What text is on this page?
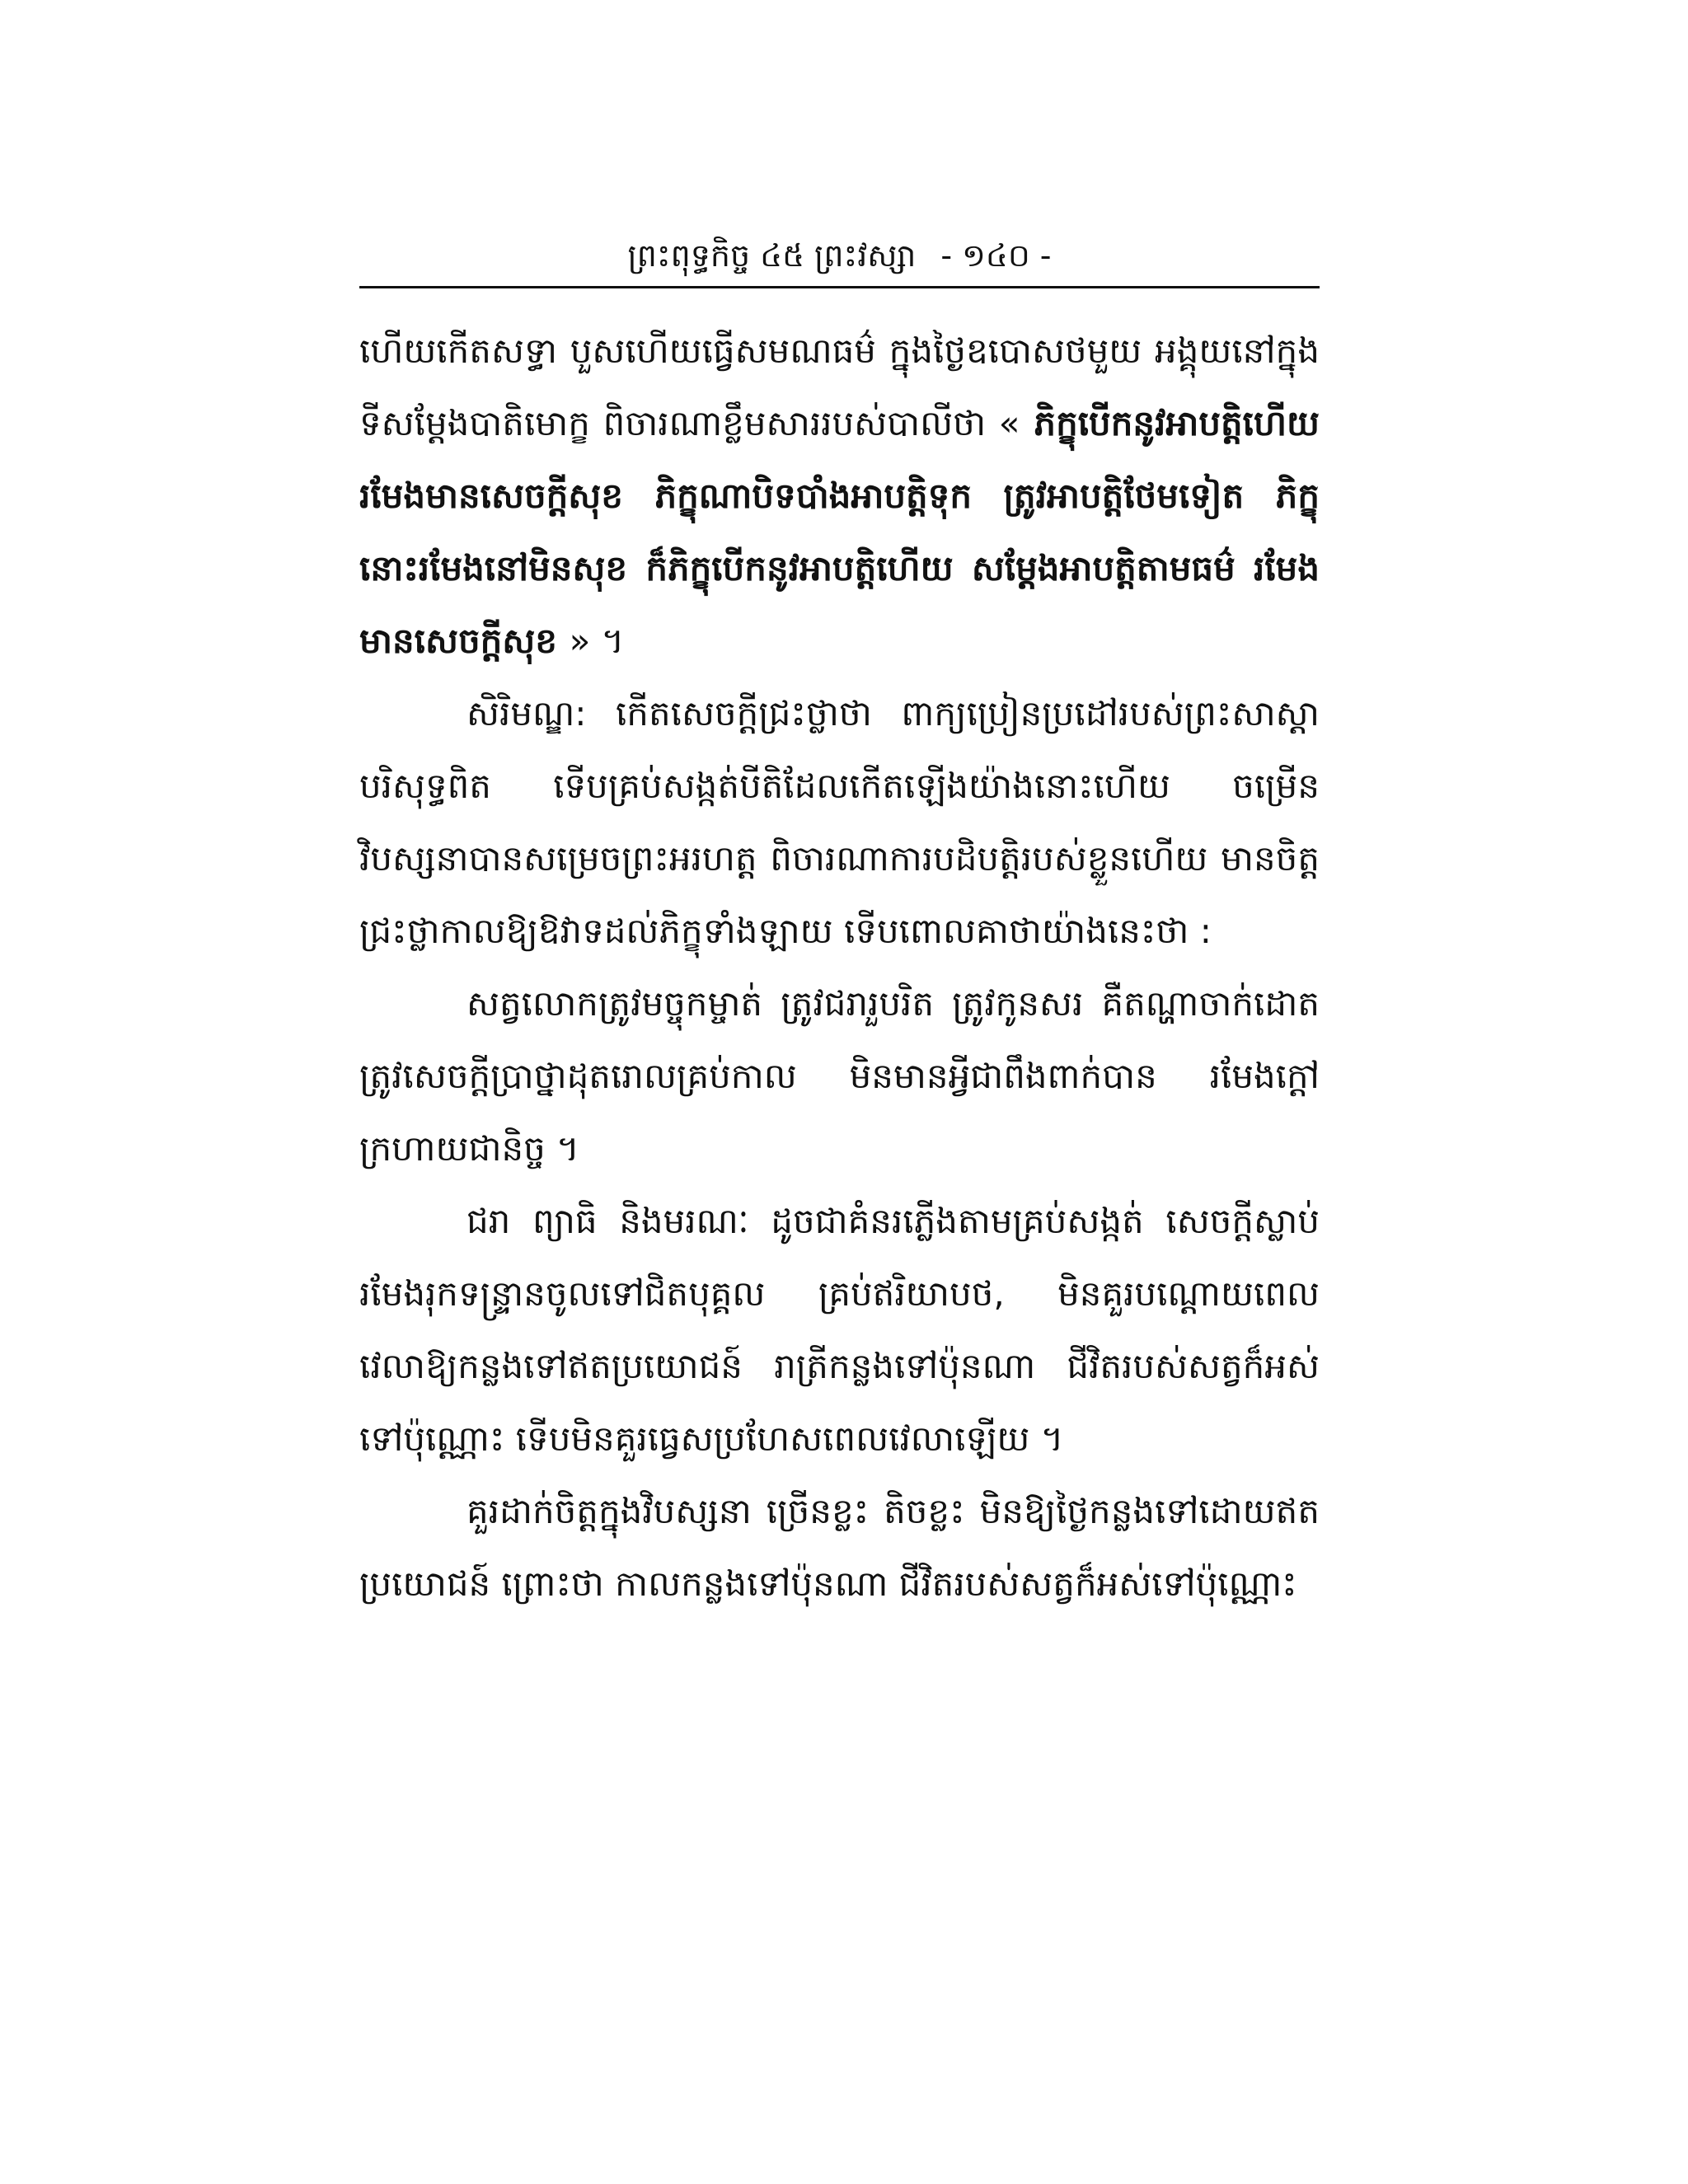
ព្រះពុទ្ធកិច្ច ៤៥ ព្រះវស្សា - ១៤០ -

ហើយកើតសទ្ធា បួសហើយធ្វើសមណធម៌ ក្នុងថ្ងៃឧបោសថមួយ អង្គុយនៅក្នុងទីសម្តែងបាតិមោក្ខ ពិចារណាខ្លឹមសាររបស់បាលីថា « ភិក្ខុបើកនូវអាបត្តិហើយ រមែងមានសេចក្តីសុខ ភិក្ខុណាបិទបាំងអាបត្តិទុក ត្រូវអាបត្តិថែមទៀត ភិក្ខុនោះរមែងនៅមិនសុខ ក៏ភិក្ខុបើកនូវអាបត្តិហើយ សម្តែងអាបត្តិតាមធម៌ រមែងមានសេចក្តីសុខ » ។

សិរិមណ្ឌ: កើតសេចក្តីជ្រះថ្លាថា ពាក្យប្រៀនប្រដៅរបស់ព្រះសាស្តាបរិសុទ្ធពិត ទើបគ្រប់សង្កត់បីតិដែលកើតឡើងយ៉ាងនោះហើយ ចម្រើនវិបស្សនាបានសម្រេចព្រះអរហត្ត ពិចារណាការបដិបត្តិរបស់ខ្លួនហើយ មានចិត្តជ្រះថ្លាកាលឱ្យឱវាទដល់ភិក្ខុទាំងឡាយ ទើបពោលគាថាយ៉ាងនេះថា :

សត្វលោកត្រូវមច្ចុកម្ចាត់ ត្រូវជរារួបរិត ត្រូវកូនសរ គឺតណ្ហាចាក់ដោត ត្រូវសេចក្តីប្រាថ្នាដុតរោលគ្រប់កាល មិនមានអ្វីជាពឹងពាក់បាន រមែងក្តៅក្រហាយជានិច្ច ។

ជរា ព្យាធិ និងមរណៈ ដូចជាគំនរភ្លើងតាមគ្រប់សង្កត់ សេចក្តីស្លាប់រមែងរុកទន្ទ្រានចូលទៅជិតបុគ្គល គ្រប់ឥរិយាបថ, មិនគួរបណ្តោយពេលវេលាឱ្យកន្លងទៅឥតប្រយោជន៍ រាត្រីកន្លងទៅប៉ុនណា ជីវិតរបស់សត្វក៏អស់ទៅប៉ុណ្ណោះ ទើបមិនគួរធ្វេសប្រហែសពេលវេលាឡើយ ។

គួរដាក់ចិត្តក្នុងវិបស្សនា ច្រើនខ្លះ តិចខ្លះ មិនឱ្យថ្ងៃកន្លងទៅដោយឥតប្រយោជន៍ ព្រោះថា កាលកន្លងទៅប៉ុនណា ជីវិតរបស់សត្វក៏អស់ទៅប៉ុណ្ណោះ
